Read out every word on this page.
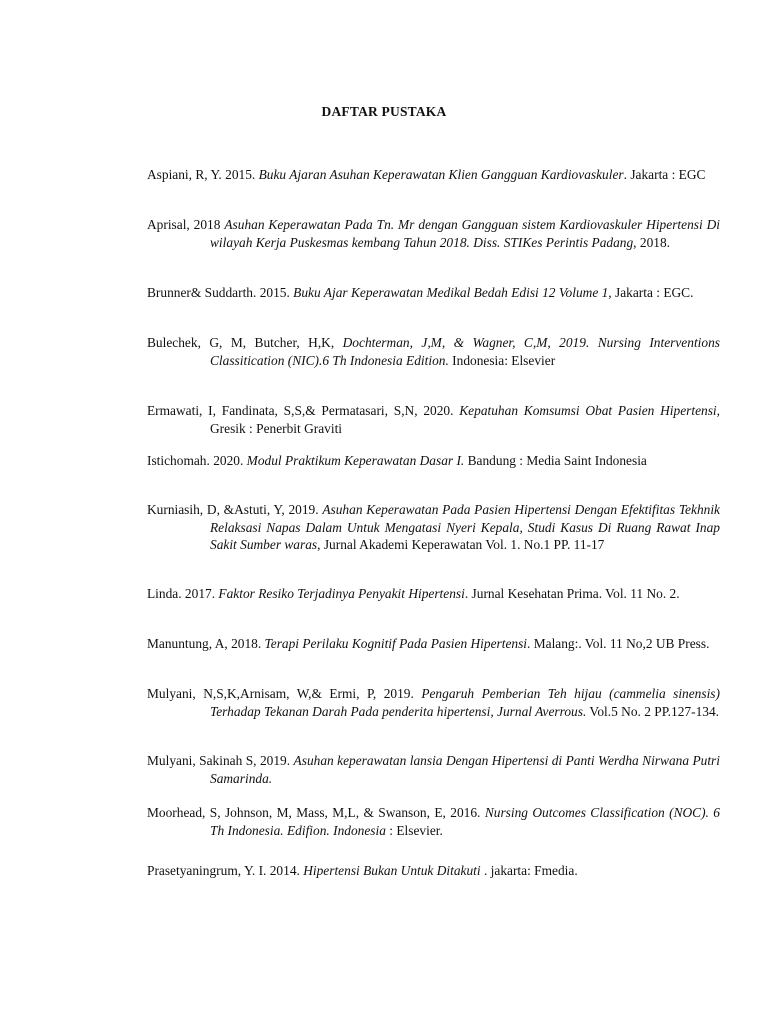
DAFTAR PUSTAKA
Aspiani, R, Y. 2015. Buku Ajaran Asuhan Keperawatan Klien Gangguan Kardiovaskuler. Jakarta : EGC
Aprisal, 2018 Asuhan Keperawatan Pada Tn. Mr dengan Gangguan sistem Kardiovaskuler Hipertensi Di wilayah Kerja Puskesmas kembang Tahun 2018. Diss. STIKes Perintis Padang, 2018.
Brunner& Suddarth. 2015. Buku Ajar Keperawatan Medikal Bedah Edisi 12 Volume 1, Jakarta : EGC.
Bulechek, G, M, Butcher, H,K, Dochterman, J,M, & Wagner, C,M, 2019. Nursing Interventions Classitication (NIC).6 Th Indonesia Edition. Indonesia: Elsevier
Ermawati, I, Fandinata, S,S,& Permatasari, S,N, 2020. Kepatuhan Komsumsi Obat Pasien Hipertensi, Gresik : Penerbit Graviti
Istichomah. 2020. Modul Praktikum Keperawatan Dasar I. Bandung : Media Saint Indonesia
Kurniasih, D, &Astuti, Y, 2019. Asuhan Keperawatan Pada Pasien Hipertensi Dengan Efektifitas Tekhnik Relaksasi Napas Dalam Untuk Mengatasi Nyeri Kepala, Studi Kasus Di Ruang Rawat Inap Sakit Sumber waras, Jurnal Akademi Keperawatan Vol. 1. No.1 PP. 11-17
Linda. 2017. Faktor Resiko Terjadinya Penyakit Hipertensi. Jurnal Kesehatan Prima. Vol. 11 No. 2.
Manuntung, A, 2018. Terapi Perilaku Kognitif Pada Pasien Hipertensi. Malang:. Vol. 11 No,2 UB Press.
Mulyani, N,S,K,Arnisam, W,& Ermi, P, 2019. Pengaruh Pemberian Teh hijau (cammelia sinensis) Terhadap Tekanan Darah Pada penderita hipertensi, Jurnal Averrous. Vol.5 No. 2 PP.127-134.
Mulyani, Sakinah S, 2019. Asuhan keperawatan lansia Dengan Hipertensi di Panti Werdha Nirwana Putri Samarinda.
Moorhead, S, Johnson, M, Mass, M,L, & Swanson, E, 2016. Nursing Outcomes Classification (NOC). 6 Th Indonesia. Edifion. Indonesia : Elsevier.
Prasetyaningrum, Y. I. 2014. Hipertensi Bukan Untuk Ditakuti . jakarta: Fmedia.
